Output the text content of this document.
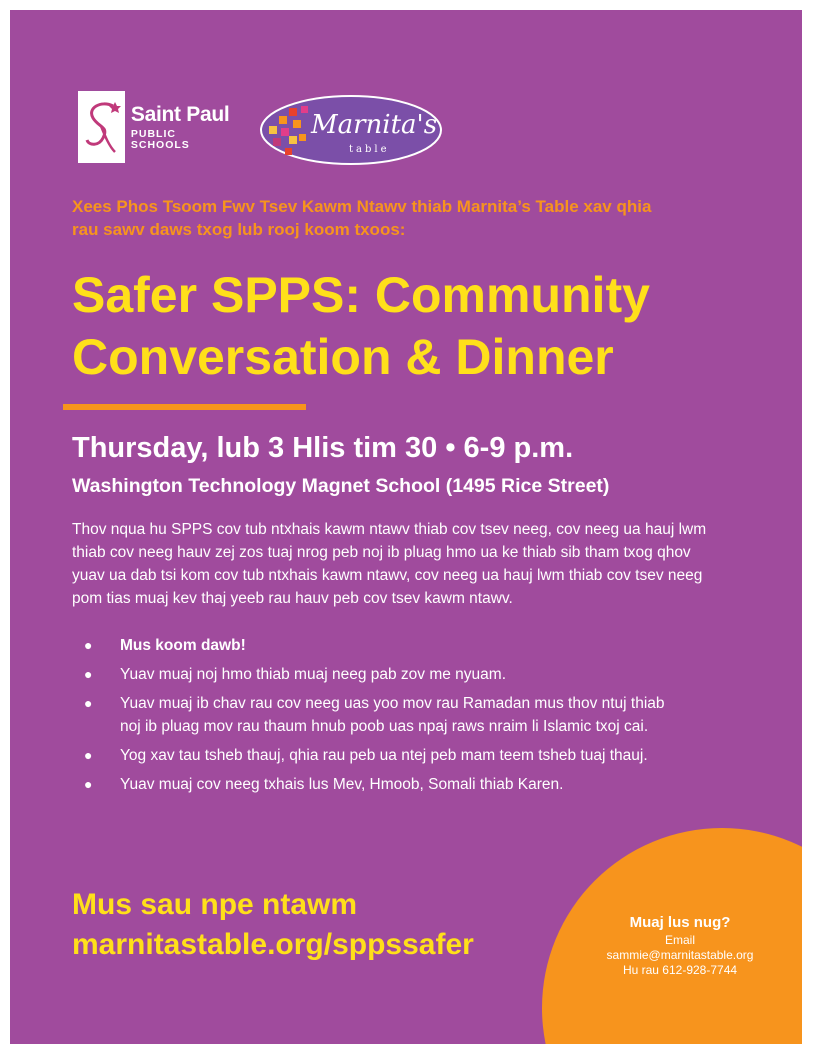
Saint Paul
PUBLIC SCHOOLS
Marnita's
table
Xees Phos Tsoom Fwv Tsev Kawm Ntawv thiab Marnita’s Table xav qhia rau sawv daws txog lub rooj koom txoos:
Safer SPPS: Community
Conversation & Dinner
Thursday, lub 3 Hlis tim 30 • 6-9 p.m.
Washington Technology Magnet School (1495 Rice Street)
Thov nqua hu SPPS cov tub ntxhais kawm ntawv thiab cov tsev neeg, cov neeg ua hauj lwm thiab cov neeg hauv zej zos tuaj nrog peb noj ib pluag hmo ua ke thiab sib tham txog qhov yuav ua dab tsi kom cov tub ntxhais kawm ntawv, cov neeg ua hauj lwm thiab cov tsev neeg pom tias muaj kev thaj yeeb rau hauv peb cov tsev kawm ntawv.
● Mus koom dawb!
● Yuav muaj noj hmo thiab muaj neeg pab zov me nyuam.
● Yuav muaj ib chav rau cov neeg uas yoo mov rau Ramadan mus thov ntuj thiab noj ib pluag mov rau thaum hnub poob uas npaj raws nraim li Islamic txoj cai.
● Yog xav tau tsheb thauj, qhia rau peb ua ntej peb mam teem tsheb tuaj thauj.
● Yuav muaj cov neeg txhais lus Mev, Hmoob, Somali thiab Karen.
Mus sau npe ntawm
marnitastable.org/sppssafer
Muaj lus nug?
Email
sammie@marnitastable.org
Hu rau 612-928-7744
